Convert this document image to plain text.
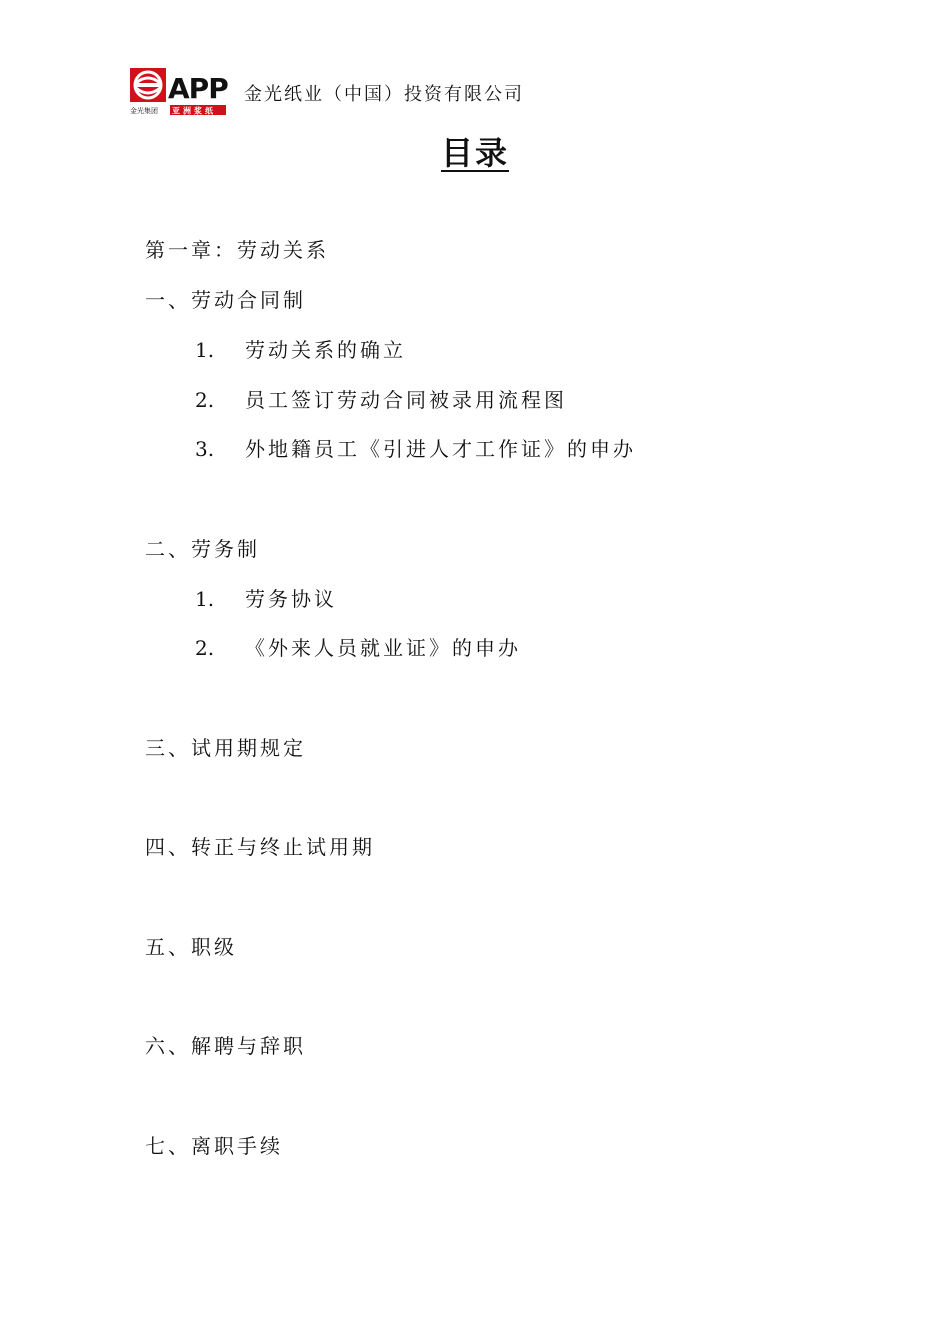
APP
金光集团 亚洲浆纸
金光纸业（中国）投资有限公司
目录
第一章：劳动关系
一、劳动合同制
1. 劳动关系的确立
2. 员工签订劳动合同被录用流程图
3. 外地籍员工《引进人才工作证》的申办
二、劳务制
1. 劳务协议
2. 《外来人员就业证》的申办
三、试用期规定
四、转正与终止试用期
五、职级
六、解聘与辞职
七、离职手续
